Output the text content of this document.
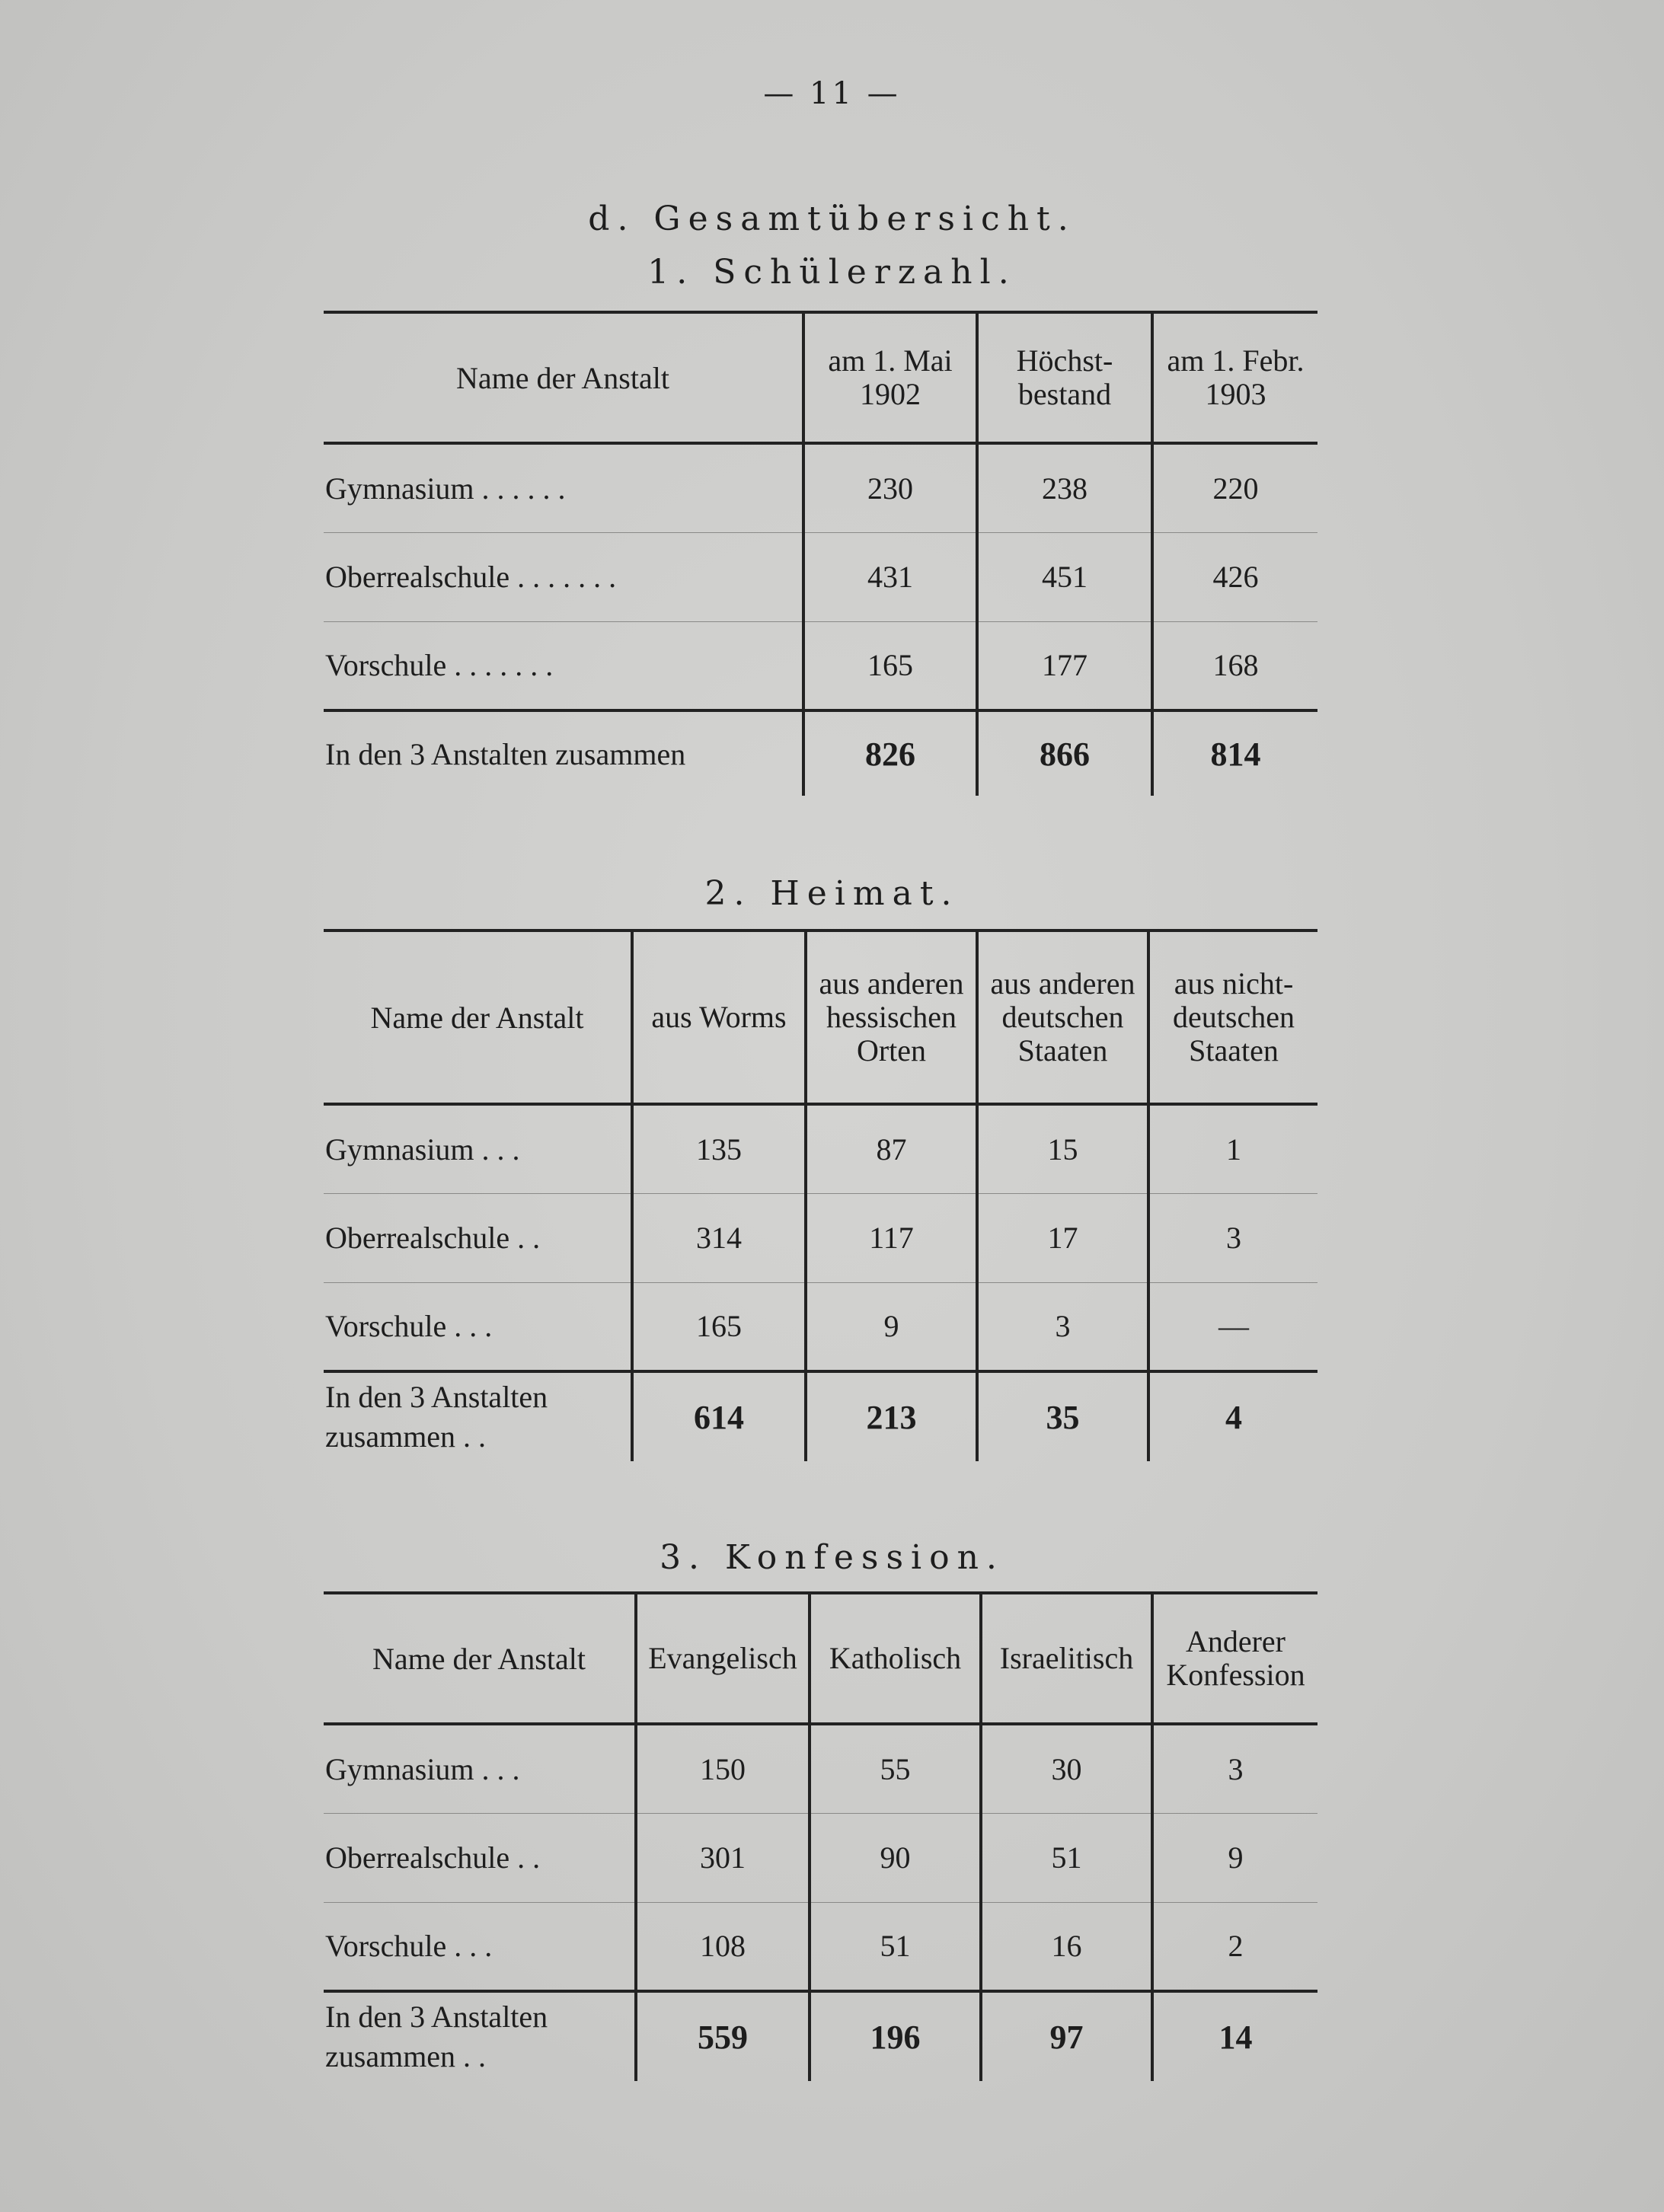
— 11 —
d. Gesamtübersicht.
1. Schülerzahl.
Name der Anstalt	am 1. Mai 1902	Höchst-bestand	am 1. Febr. 1903
Gymnasium . . . . . .	230	238	220
Oberrealschule . . . . . . .	431	451	426
Vorschule . . . . . . .	165	177	168
In den 3 Anstalten zusammen	826	866	814
2. Heimat.
Name der Anstalt	aus Worms	aus anderen hessischen Orten	aus anderen deutschen Staaten	aus nicht-deutschen Staaten
Gymnasium . . .	135	87	15	1
Oberrealschule . .	314	117	17	3
Vorschule . . .	165	9	3	—
In den 3 Anstalten zusammen . .	614	213	35	4
3. Konfession.
Name der Anstalt	Evangelisch	Katholisch	Israelitisch	Anderer Konfession
Gymnasium . . .	150	55	30	3
Oberrealschule . .	301	90	51	9
Vorschule . . .	108	51	16	2
In den 3 Anstalten zusammen . .	559	196	97	14
